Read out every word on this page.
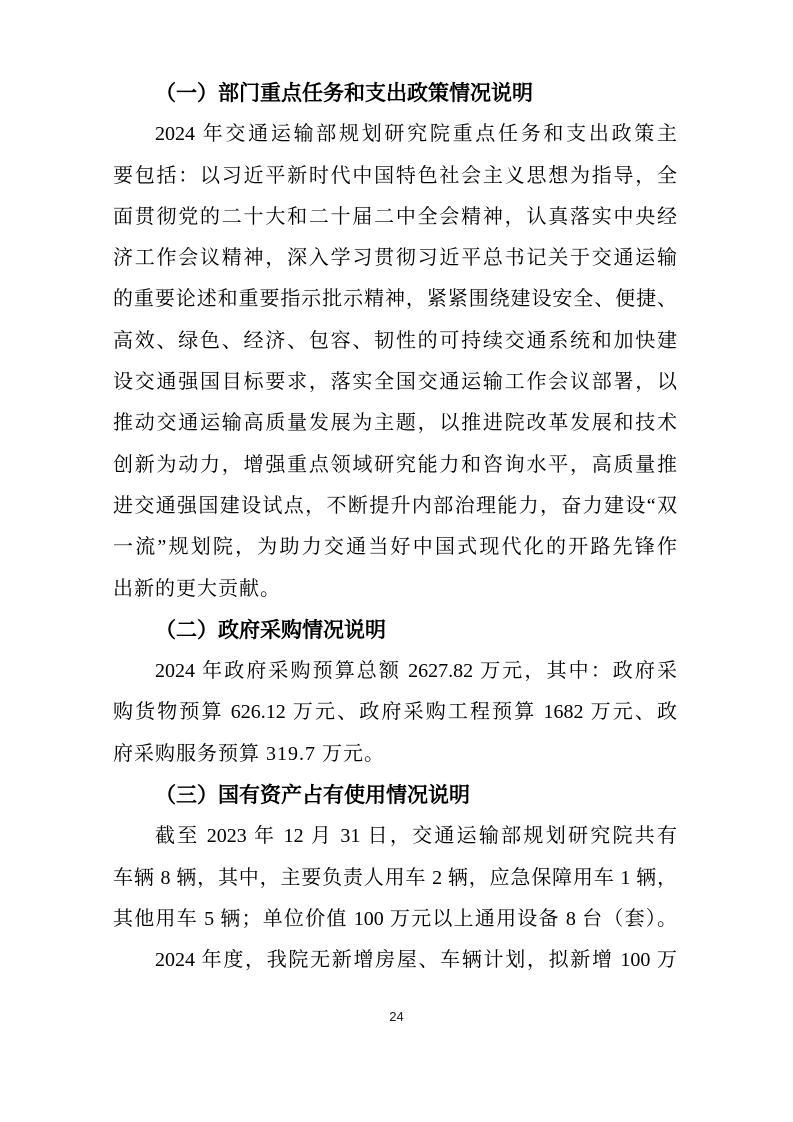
（一）部门重点任务和支出政策情况说明
2024 年交通运输部规划研究院重点任务和支出政策主
要包括：以习近平新时代中国特色社会主义思想为指导，全
面贯彻党的二十大和二十届二中全会精神，认真落实中央经
济工作会议精神，深入学习贯彻习近平总书记关于交通运输
的重要论述和重要指示批示精神，紧紧围绕建设安全、便捷、
高效、绿色、经济、包容、韧性的可持续交通系统和加快建
设交通强国目标要求，落实全国交通运输工作会议部署，以
推动交通运输高质量发展为主题，以推进院改革发展和技术
创新为动力，增强重点领域研究能力和咨询水平，高质量推
进交通强国建设试点，不断提升内部治理能力，奋力建设“双
一流”规划院，为助力交通当好中国式现代化的开路先锋作
出新的更大贡献。
（二）政府采购情况说明
2024 年政府采购预算总额 2627.82 万元，其中：政府采
购货物预算 626.12 万元、政府采购工程预算 1682 万元、政
府采购服务预算 319.7 万元。
（三）国有资产占有使用情况说明
截至 2023 年 12 月 31 日，交通运输部规划研究院共有
车辆 8 辆，其中，主要负责人用车 2 辆，应急保障用车 1 辆，
其他用车 5 辆；单位价值 100 万元以上通用设备 8 台（套）。
2024 年度，我院无新增房屋、车辆计划，拟新增 100 万
24
